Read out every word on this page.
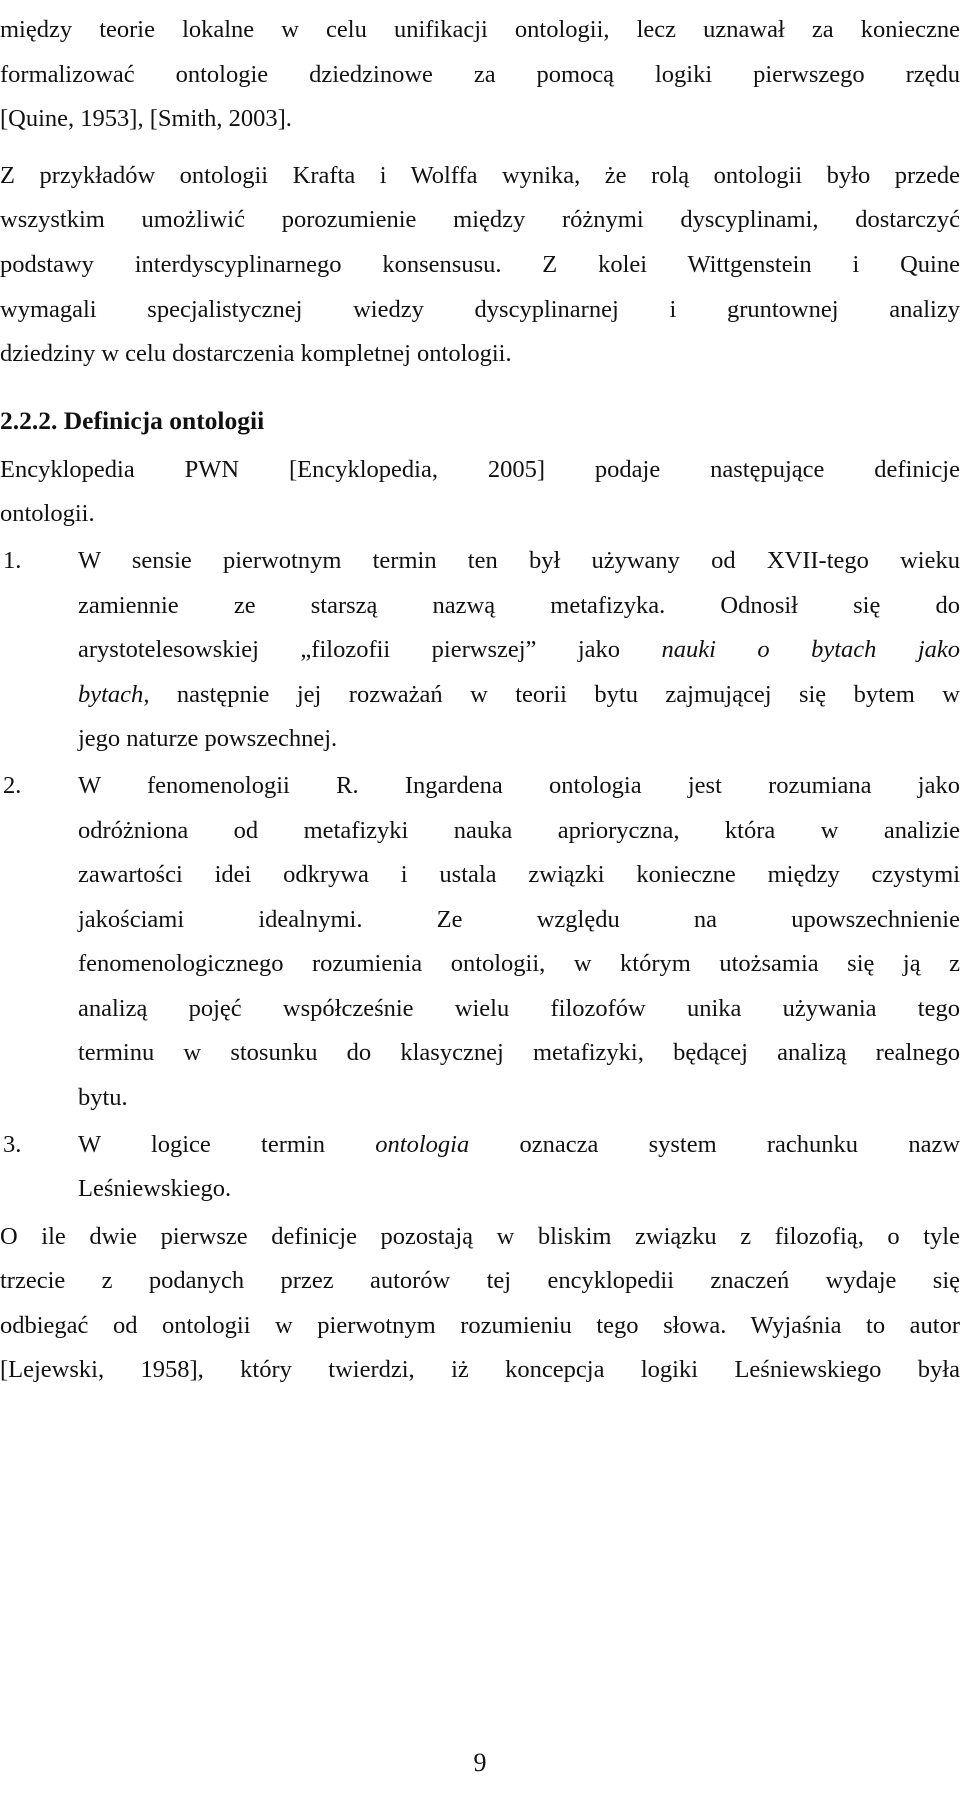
między teorie lokalne w celu unifikacji ontologii, lecz uznawał za konieczne
formalizować ontologie dziedzinowe za pomocą logiki pierwszego rzędu
[Quine, 1953], [Smith, 2003].
Z przykładów ontologii Krafta i Wolffa wynika, że rolą ontologii było przede
wszystkim umożliwić porozumienie między różnymi dyscyplinami, dostarczyć
podstawy interdyscyplinarnego konsensusu. Z kolei Wittgenstein i Quine
wymagali specjalistycznej wiedzy dyscyplinarnej i gruntownej analizy
dziedziny w celu dostarczenia kompletnej ontologii.
2.2.2. Definicja ontologii
Encyklopedia PWN [Encyklopedia, 2005] podaje następujące definicje
ontologii.
1.	W sensie pierwotnym termin ten był używany od XVII-tego wieku
zamiennie ze starszą nazwą metafizyka. Odnosił się do
arystotelesowskiej „filozofii pierwszej” jako nauki o bytach jako
bytach, następnie jej rozważań w teorii bytu zajmującej się bytem w
jego naturze powszechnej.
2.	W fenomenologii R. Ingardena ontologia jest rozumiana jako
odróżniona od metafizyki nauka aprioryczna, która w analizie
zawartości idei odkrywa i ustala związki konieczne między czystymi
jakościami idealnymi. Ze względu na upowszechnienie
fenomenologicznego rozumienia ontologii, w którym utożsamia się ją z
analizą pojęć współcześnie wielu filozofów unika używania tego
terminu w stosunku do klasycznej metafizyki, będącej analizą realnego
bytu.
3.	W logice termin ontologia oznacza system rachunku nazw
Leśniewskiego.
O ile dwie pierwsze definicje pozostają w bliskim związku z filozofią, o tyle
trzecie z podanych przez autorów tej encyklopedii znaczeń wydaje się
odbiegać od ontologii w pierwotnym rozumieniu tego słowa. Wyjaśnia to autor
[Lejewski, 1958], który twierdzi, iż koncepcja logiki Leśniewskiego była
9
